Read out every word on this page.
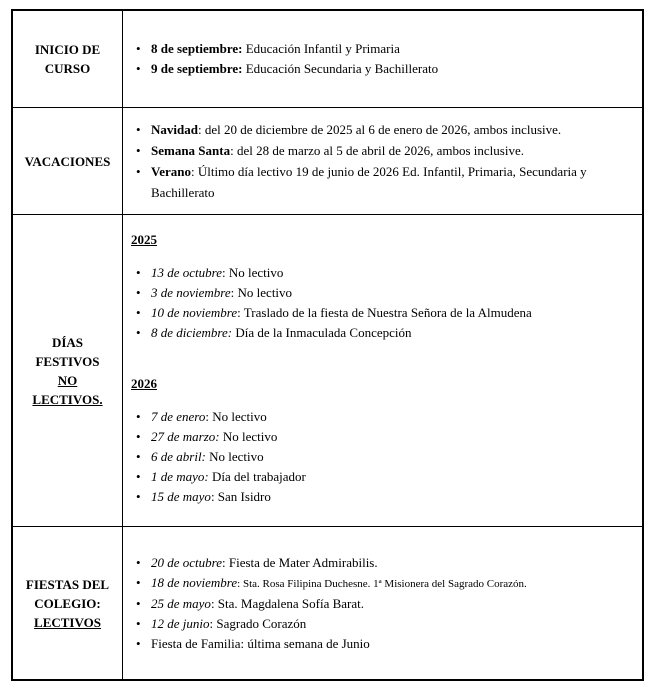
INICIO DE
CURSO
• 8 de septiembre: Educación Infantil y Primaria
• 9 de septiembre: Educación Secundaria y Bachillerato
VACACIONES
• Navidad: del 20 de diciembre de 2025 al 6 de enero de 2026, ambos inclusive.
• Semana Santa: del 28 de marzo al 5 de abril de 2026, ambos inclusive.
• Verano: Último día lectivo 19 de junio de 2026 Ed. Infantil, Primaria, Secundaria y Bachillerato
DÍAS
FESTIVOS
NO
LECTIVOS.
2025
• 13 de octubre: No lectivo
• 3 de noviembre: No lectivo
• 10 de noviembre: Traslado de la fiesta de Nuestra Señora de la Almudena
• 8 de diciembre: Día de la Inmaculada Concepción
2026
• 7 de enero: No lectivo
• 27 de marzo: No lectivo
• 6 de abril: No lectivo
• 1 de mayo: Día del trabajador
• 15 de mayo: San Isidro
FIESTAS DEL
COLEGIO:
LECTIVOS
• 20 de octubre: Fiesta de Mater Admirabilis.
• 18 de noviembre: Sta. Rosa Filipina Duchesne. 1ª Misionera del Sagrado Corazón.
• 25 de mayo: Sta. Magdalena Sofía Barat.
• 12 de junio: Sagrado Corazón
• Fiesta de Familia: última semana de Junio
